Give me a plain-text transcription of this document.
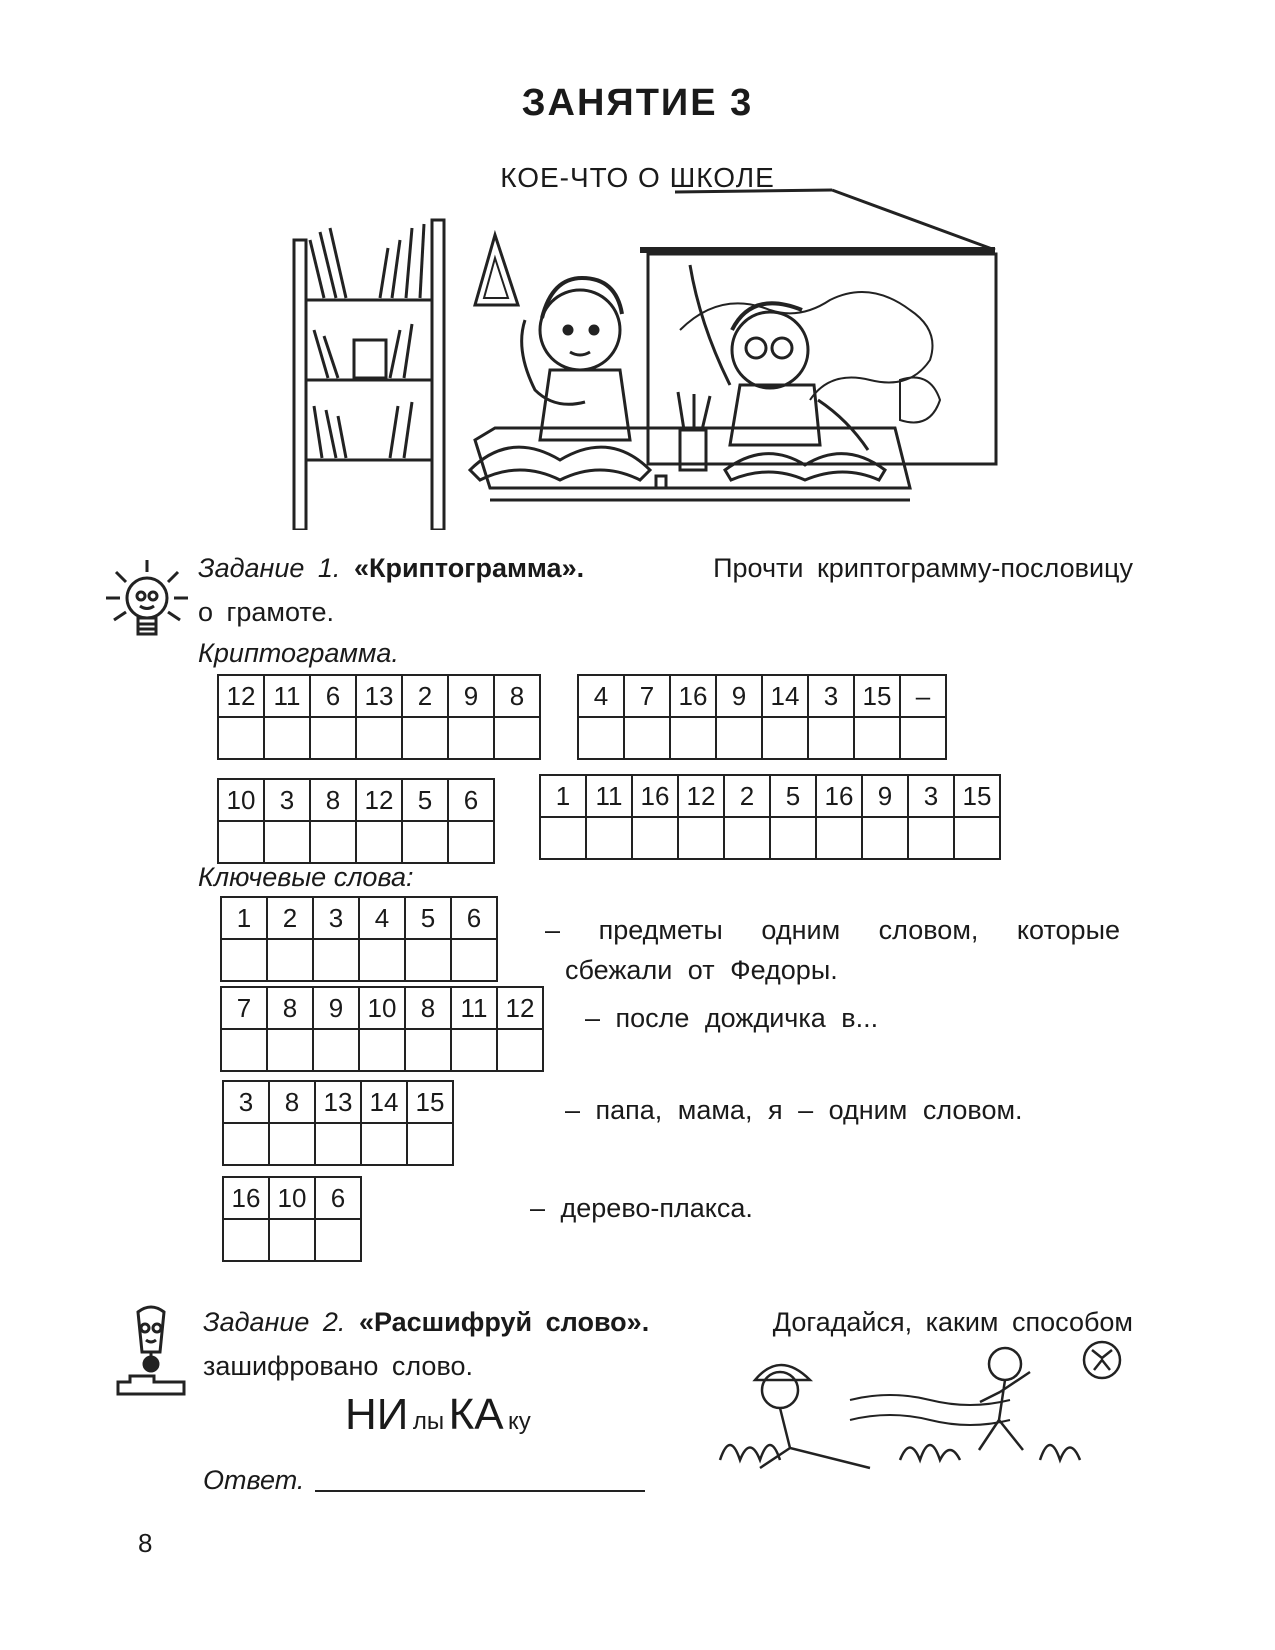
ЗАНЯТИЕ 3
КОЕ-ЧТО О ШКОЛЕ
Задание 1. «Криптограмма».	Прочти криптограмму-пословицу
о грамоте.
Криптограмма.
12	11	6	13	2	9	8
							4	7	16	9	14	3	15	–

10	3	8	12	5	6
						1	11	16	12	2	5	16	9	3	15

Ключевые слова:
1	2	3	4	5	6

7	8	9	10	8	11	12

3	8	13	14	15

16	10	6

– предметы одним словом, которые
сбежали от Федоры.
– после дождичка в...
– папа, мама, я – одним словом.
– дерево-плакса.
Задание 2. «Расшифруй слово».	Догадайся, каким способом
зашифровано слово.
НИ лы КА ку
Ответ.
8
